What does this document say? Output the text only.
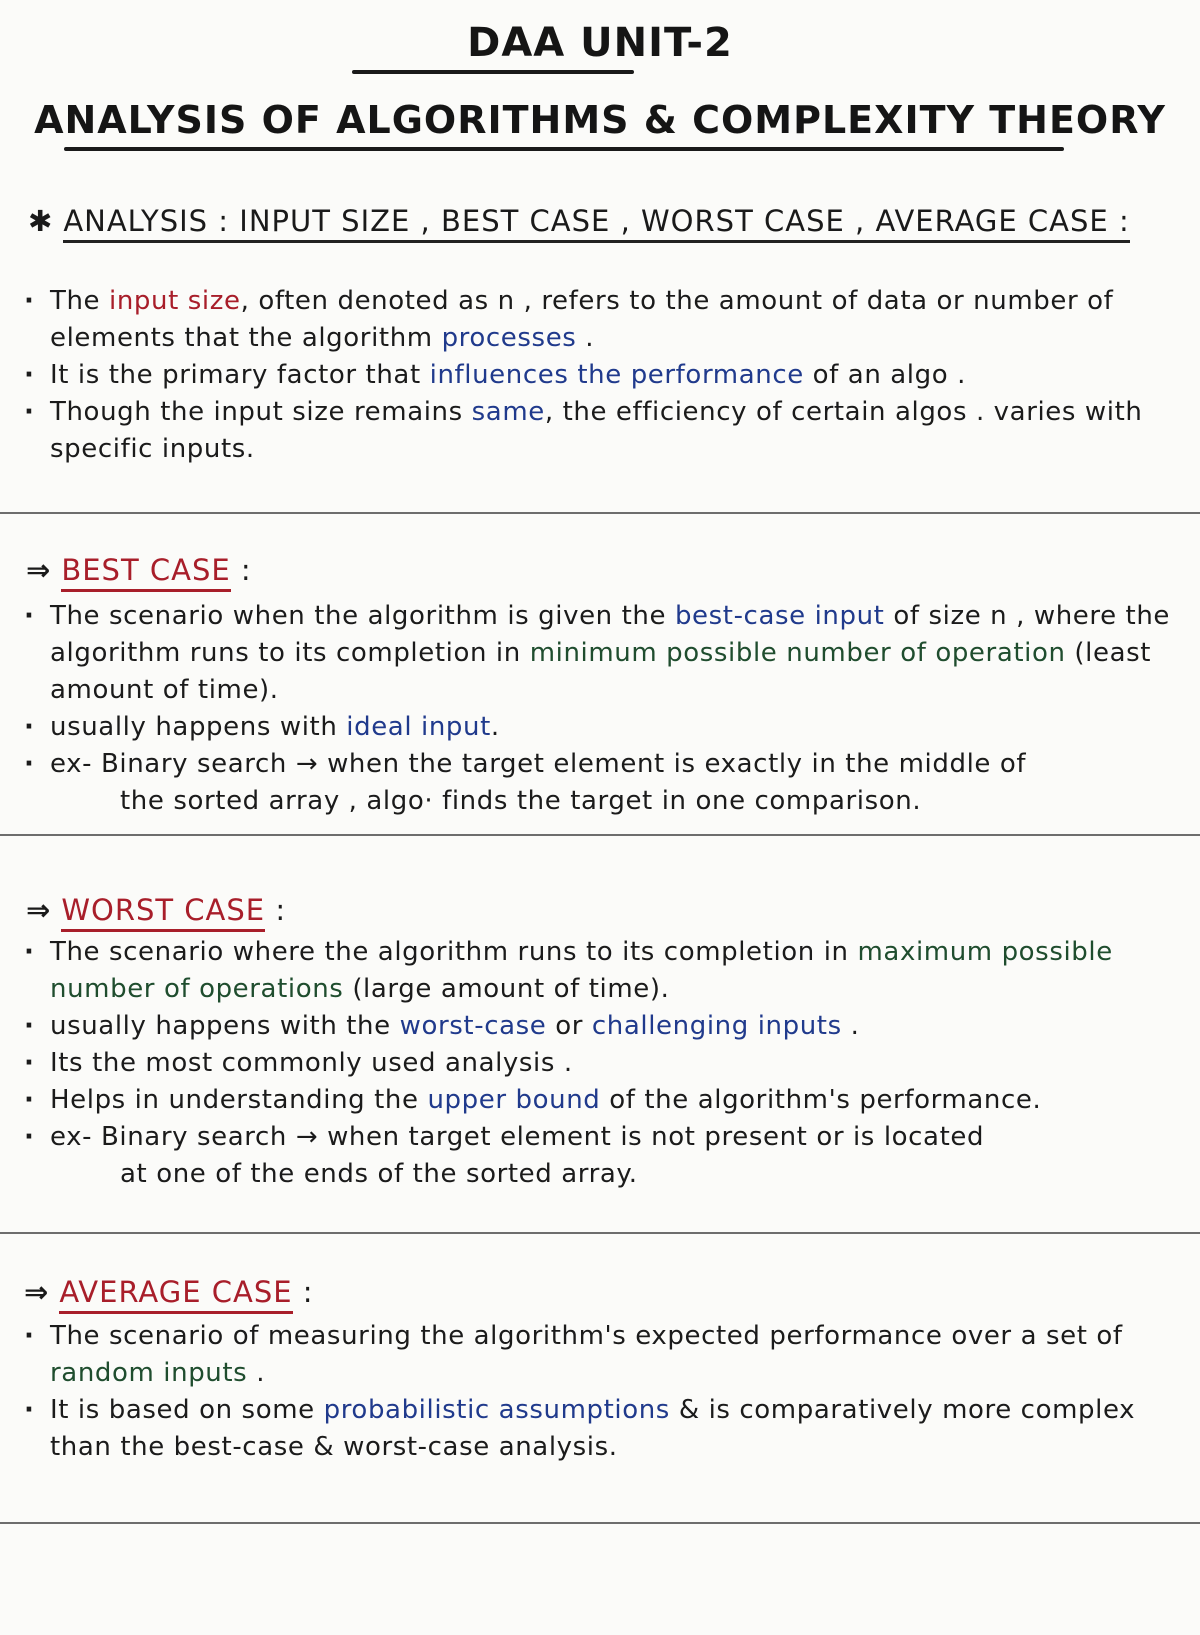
DAA UNIT-2
ANALYSIS OF ALGORITHMS & COMPLEXITY THEORY
✱ ANALYSIS : INPUT SIZE , BEST CASE , WORST CASE , AVERAGE CASE :
· The input size, often denoted as n , refers to the amount of data or number of elements that the algorithm processes .
· It is the primary factor that influences the performance of an algo .
· Though the input size remains same, the efficiency of certain algos . varies with specific inputs.
⇒ BEST CASE :
· The scenario when the algorithm is given the best-case input of size n , where the algorithm runs to its completion in minimum possible number of operation (least amount of time).
· usually happens with ideal input.
· ex- Binary search → when the target element is exactly in the middle of
the sorted array , algo· finds the target in one comparison.
⇒ WORST CASE :
· The scenario where the algorithm runs to its completion in maximum possible number of operations (large amount of time).
· usually happens with the worst-case or challenging inputs .
· Its the most commonly used analysis .
· Helps in understanding the upper bound of the algorithm's performance.
· ex- Binary search → when target element is not present or is located
at one of the ends of the sorted array.
⇒ AVERAGE CASE :
· The scenario of measuring the algorithm's expected performance over a set of random inputs .
· It is based on some probabilistic assumptions & is comparatively more complex than the best-case & worst-case analysis.
